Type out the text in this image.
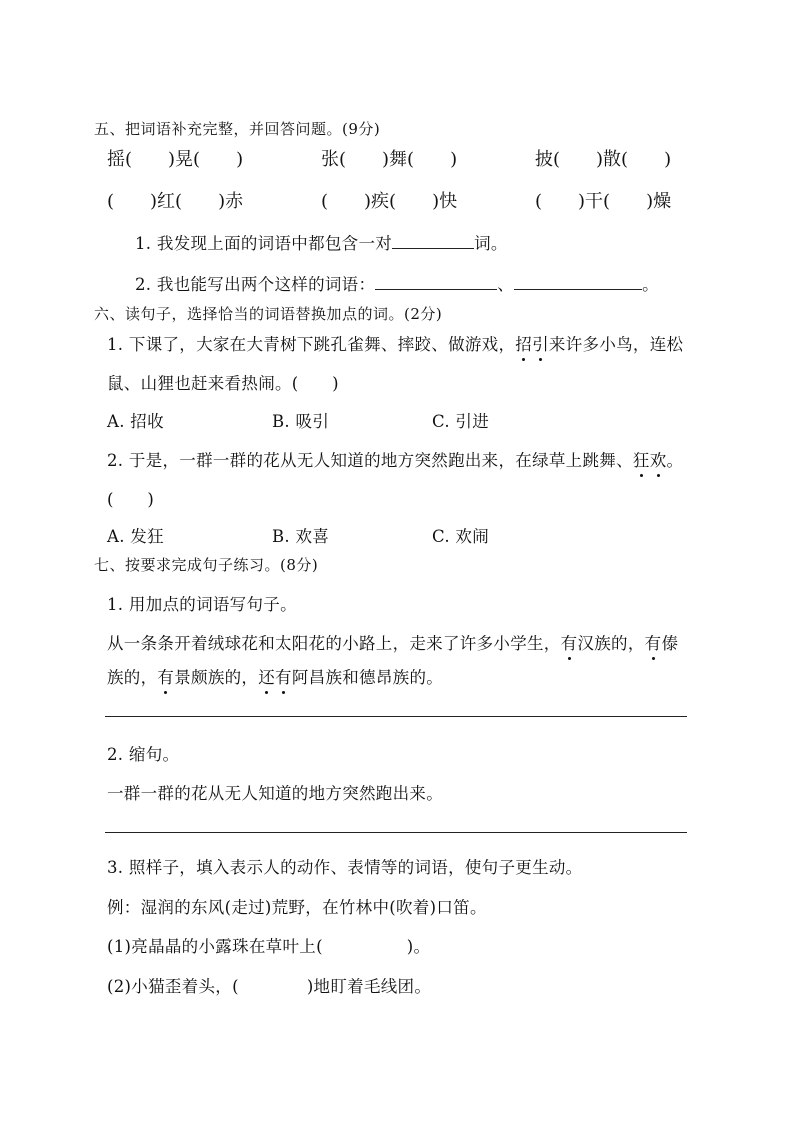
五、把词语补充完整，并回答问题。(9分)
摇(　　)晃(　　)	张(　　)舞(　　)	披(　　)散(　　)
(　　)红(　　)赤	(　　)疾(　　)快	(　　)干(　　)燥
1. 我发现上面的词语中都包含一对	词。
2. 我也能写出两个这样的词语：	、	。
六、读句子，选择恰当的词语替换加点的词。(2分)
1. 下课了，大家在大青树下跳孔雀舞、摔跤、做游戏，招引来许多小鸟，连松
鼠、山狸也赶来看热闹。(　　)
A. 招收	B. 吸引	C. 引进
2. 于是，一群一群的花从无人知道的地方突然跑出来，在绿草上跳舞、狂欢。
(　　)
A. 发狂	B. 欢喜	C. 欢闹
七、按要求完成句子练习。(8分)
1. 用加点的词语写句子。
从一条条开着绒球花和太阳花的小路上，走来了许多小学生，有汉族的，有傣
族的，有景颇族的，还有阿昌族和德昂族的。
2. 缩句。
一群一群的花从无人知道的地方突然跑出来。
3. 照样子，填入表示人的动作、表情等的词语，使句子更生动。
例：湿润的东风(走过)荒野，在竹林中(吹着)口笛。
(1)亮晶晶的小露珠在草叶上(　　　　　)。
(2)小猫歪着头，(	)地盯着毛线团。
